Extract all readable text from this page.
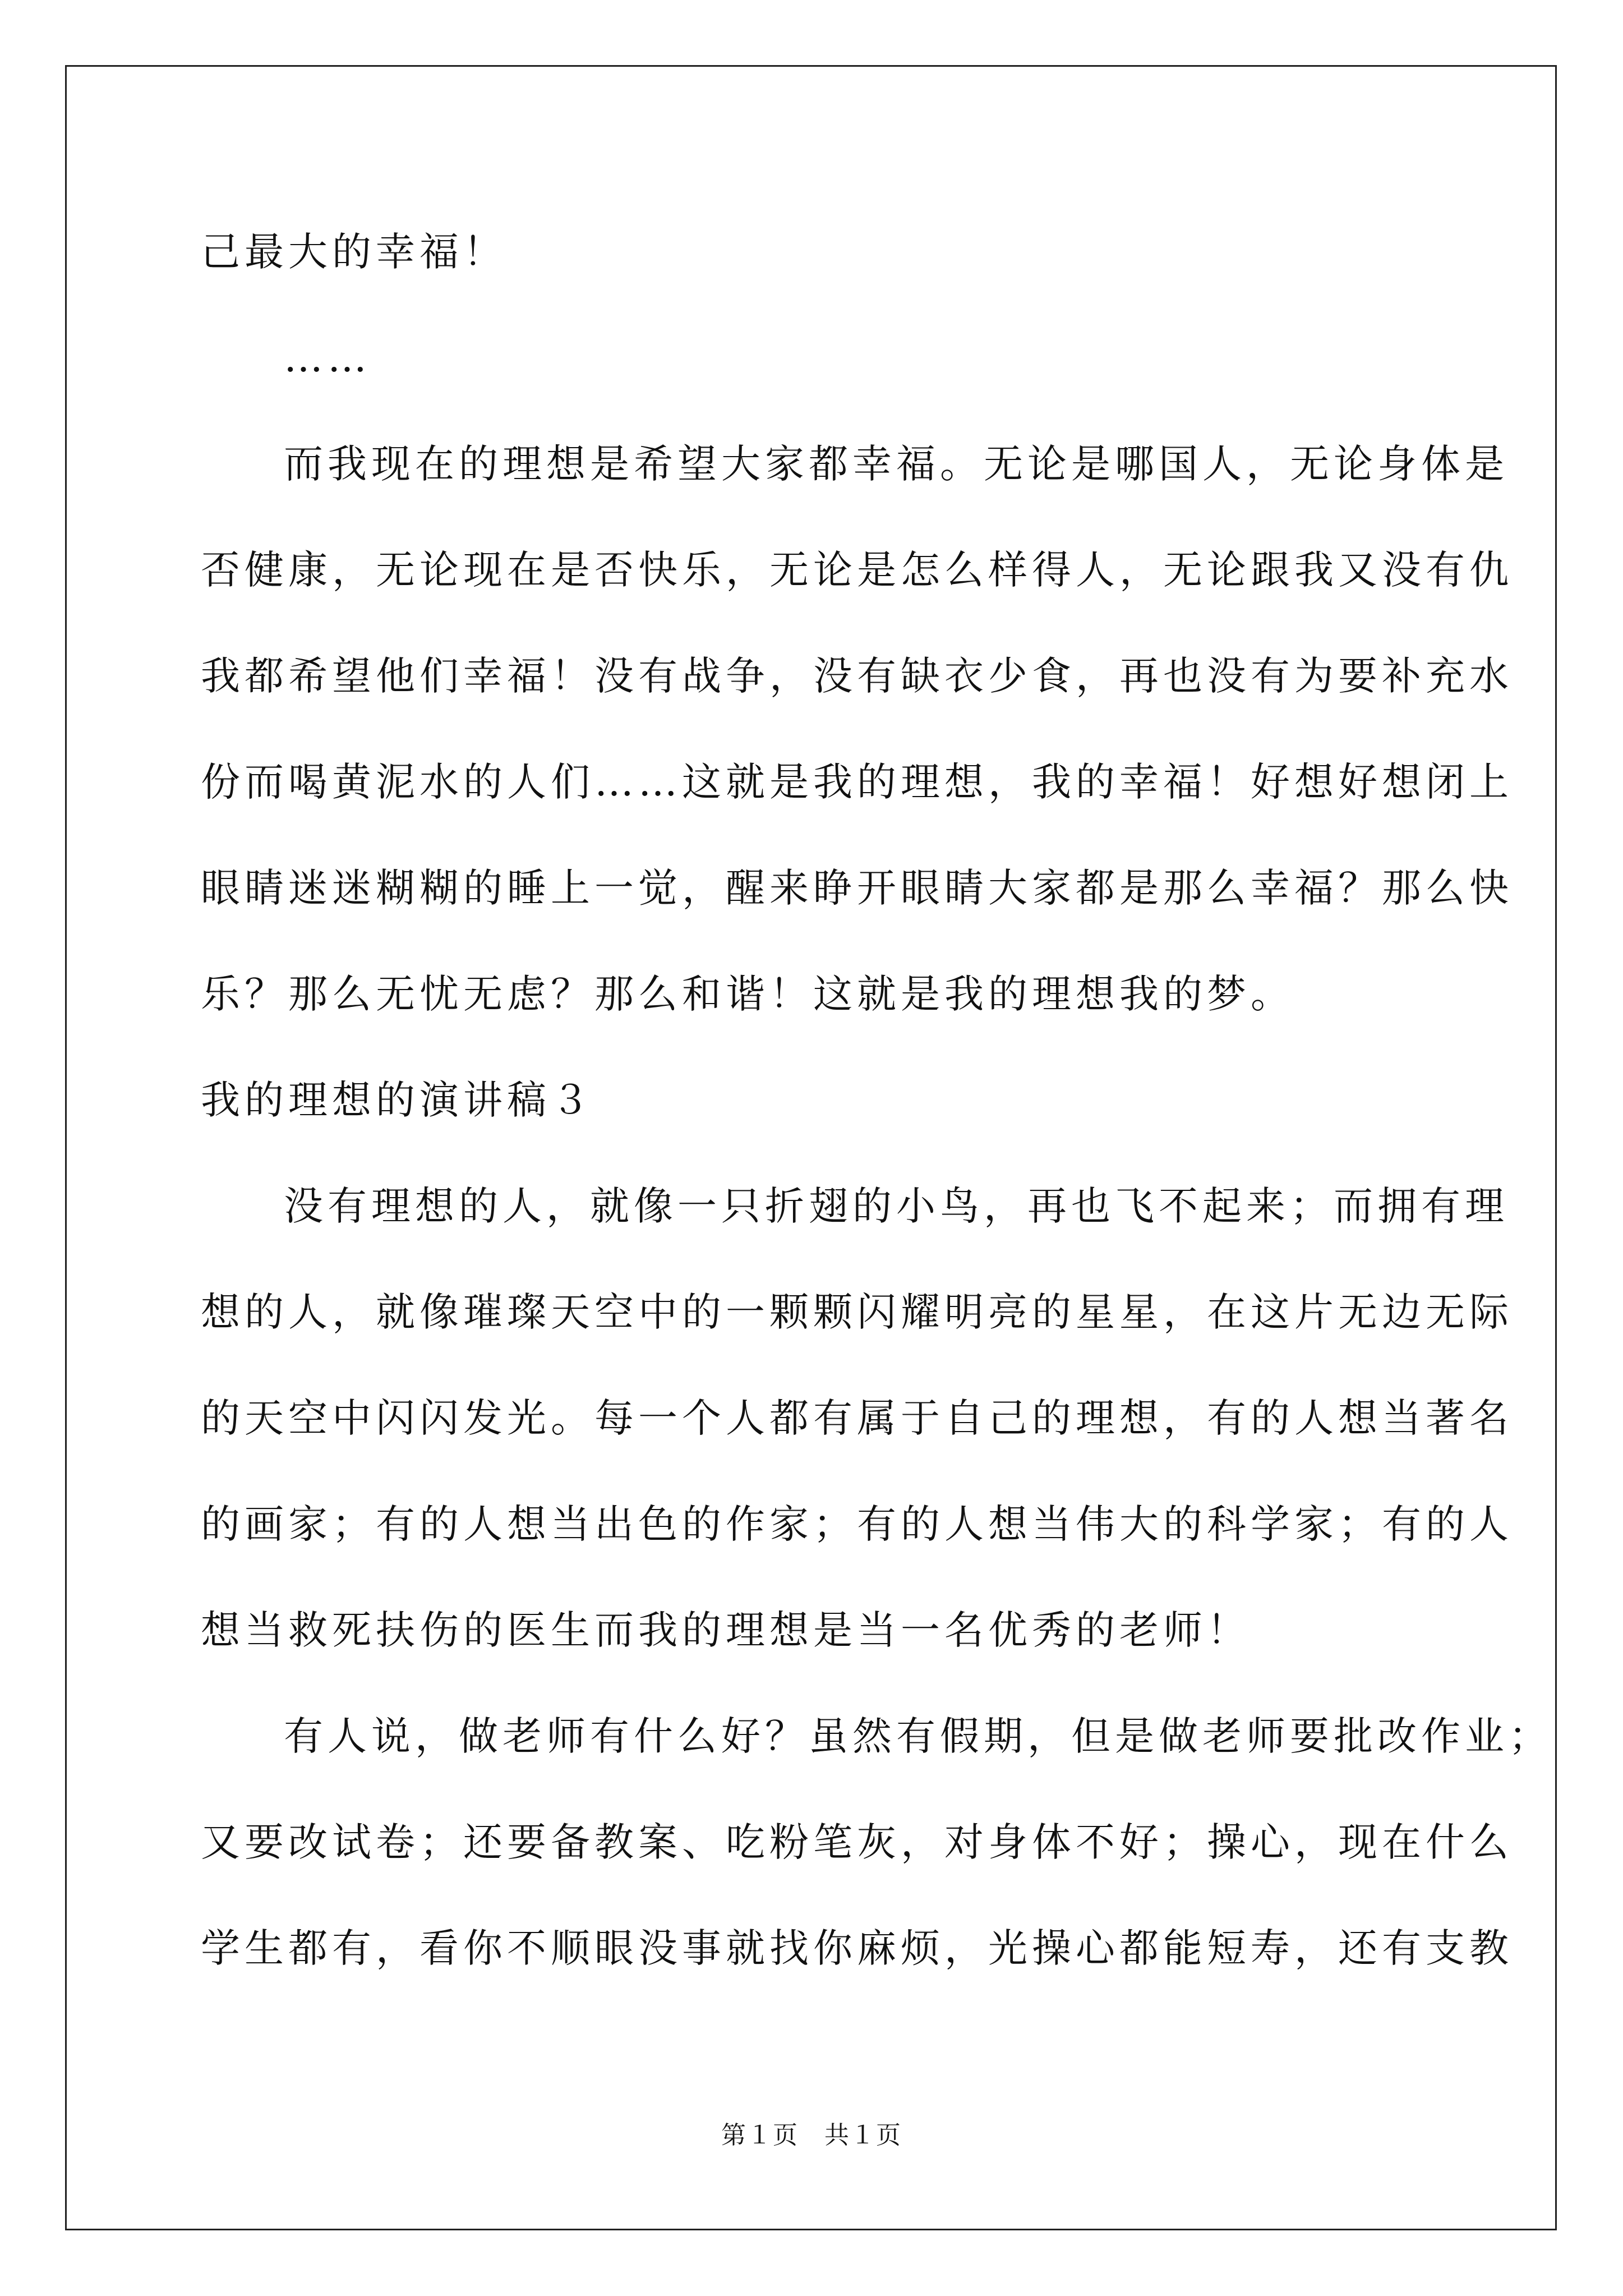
己最大的幸福！
……
而我现在的理想是希望大家都幸福。无论是哪国人，无论身体是
否健康，无论现在是否快乐，无论是怎么样得人，无论跟我又没有仇
我都希望他们幸福！没有战争，没有缺衣少食，再也没有为要补充水
份而喝黄泥水的人们……这就是我的理想，我的幸福！好想好想闭上
眼睛迷迷糊糊的睡上一觉，醒来睁开眼睛大家都是那么幸福？那么快
乐？那么无忧无虑？那么和谐！这就是我的理想我的梦。
我的理想的演讲稿３
没有理想的人，就像一只折翅的小鸟，再也飞不起来；而拥有理
想的人，就像璀璨天空中的一颗颗闪耀明亮的星星，在这片无边无际
的天空中闪闪发光。每一个人都有属于自己的理想，有的人想当著名
的画家；有的人想当出色的作家；有的人想当伟大的科学家；有的人
想当救死扶伤的医生而我的理想是当一名优秀的老师！
有人说，做老师有什么好？虽然有假期，但是做老师要批改作业；
又要改试卷；还要备教案、吃粉笔灰，对身体不好；操心，现在什么
学生都有，看你不顺眼没事就找你麻烦，光操心都能短寿，还有支教
第１页　共１页
